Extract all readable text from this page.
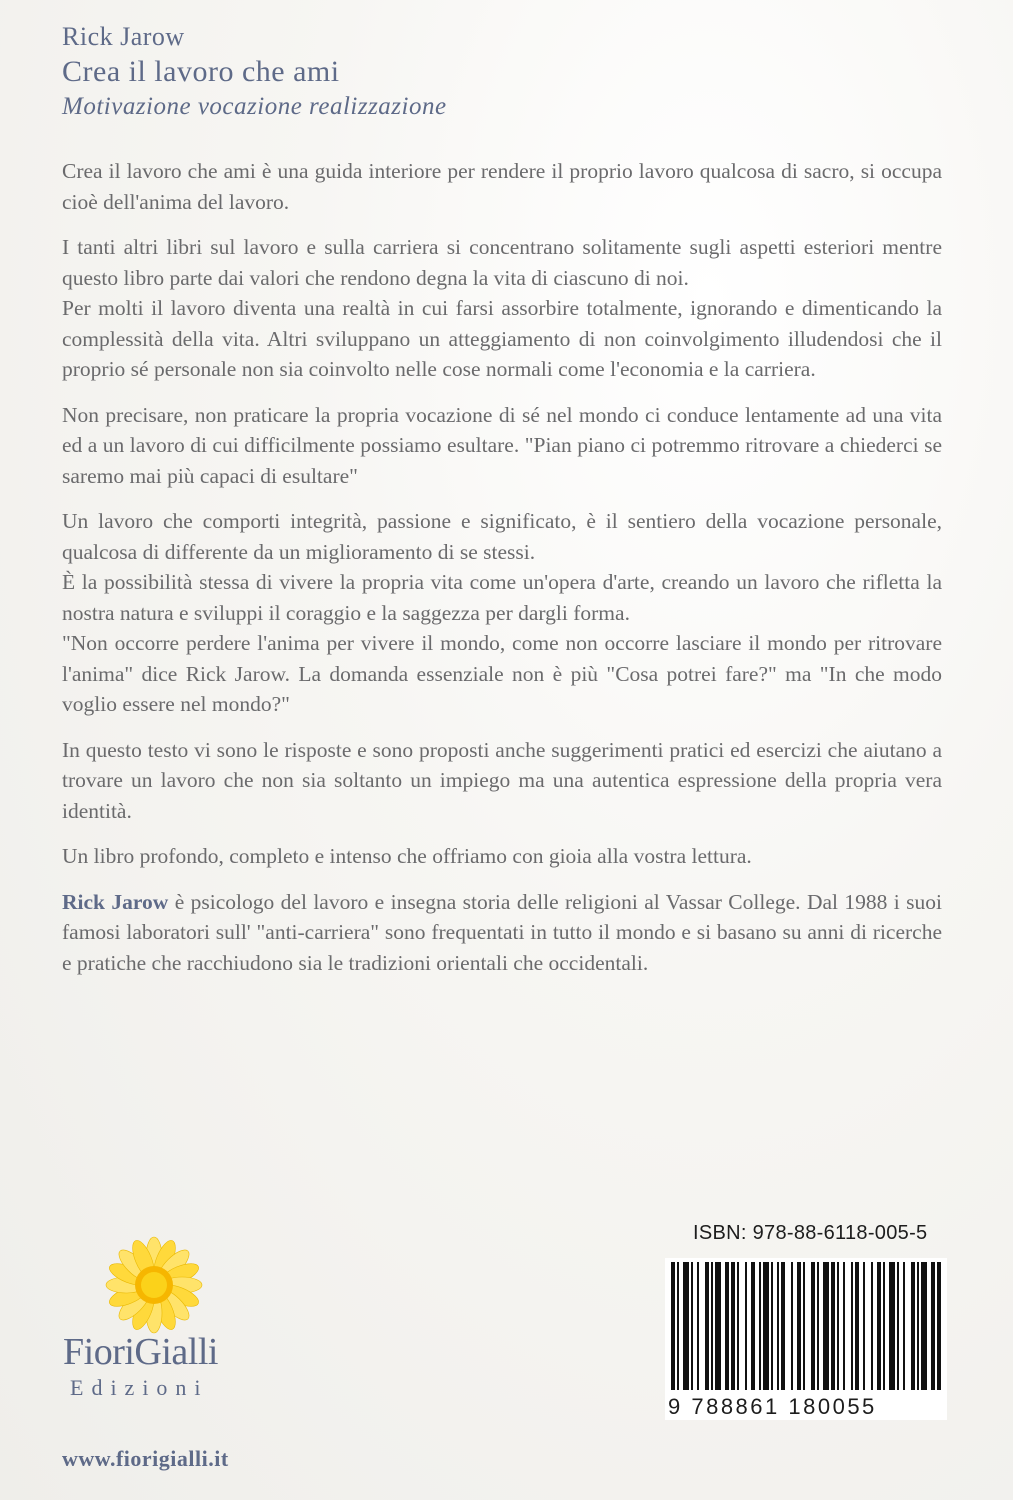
Rick Jarow
Crea il lavoro che ami
Motivazione vocazione realizzazione

Crea il lavoro che ami è una guida interiore per rendere il proprio lavoro qualcosa di sacro, si occupa cioè dell'anima del lavoro.

I tanti altri libri sul lavoro e sulla carriera si concentrano solitamente sugli aspetti esteriori mentre questo libro parte dai valori che rendono degna la vita di ciascuno di noi.

Per molti il lavoro diventa una realtà in cui farsi assorbire totalmente, ignorando e dimenticando la complessità della vita. Altri sviluppano un atteggiamento di non coinvolgimento illudendosi che il proprio sé personale non sia coinvolto nelle cose normali come l'economia e la carriera.

Non precisare, non praticare la propria vocazione di sé nel mondo ci conduce lentamente ad una vita ed a un lavoro di cui difficilmente possiamo esultare. "Pian piano ci potremmo ritrovare a chiederci se saremo mai più capaci di esultare"

Un lavoro che comporti integrità, passione e significato, è il sentiero della vocazione personale, qualcosa di differente da un miglioramento di se stessi.

È la possibilità stessa di vivere la propria vita come un'opera d'arte, creando un lavoro che rifletta la nostra natura e sviluppi il coraggio e la saggezza per dargli forma.

"Non occorre perdere l'anima per vivere il mondo, come non occorre lasciare il mondo per ritrovare l'anima" dice Rick Jarow. La domanda essenziale non è più "Cosa potrei fare?" ma "In che modo voglio essere nel mondo?"

In questo testo vi sono le risposte e sono proposti anche suggerimenti pratici ed esercizi che aiutano a trovare un lavoro che non sia soltanto un impiego ma una autentica espressione della propria vera identità.

Un libro profondo, completo e intenso che offriamo con gioia alla vostra lettura.

Rick Jarow è psicologo del lavoro e insegna storia delle religioni al Vassar College. Dal 1988 i suoi famosi laboratori sull' "anti-carriera" sono frequentati in tutto il mondo e si basano su anni di ricerche e pratiche che racchiudono sia le tradizioni orientali che occidentali.

ISBN: 978-88-6118-005-5
9 788861 180055
FioriGialli
Edizioni
www.fiorigialli.it
